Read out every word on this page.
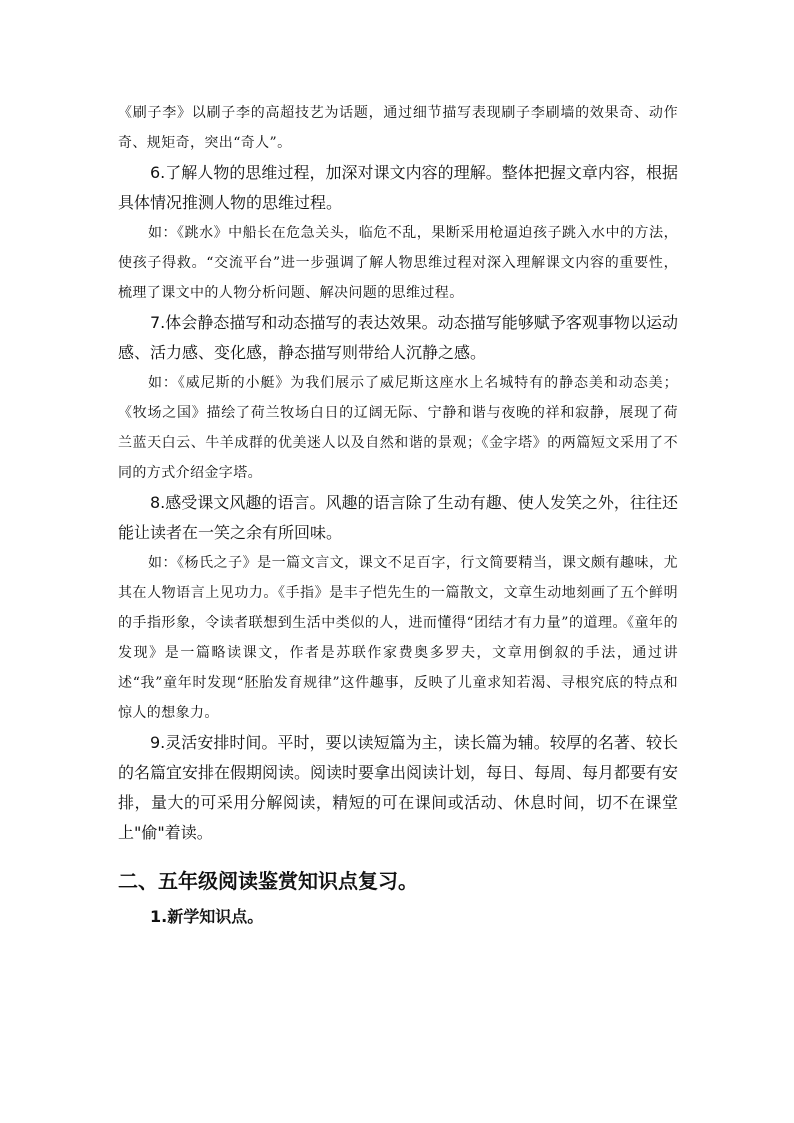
《刷子李》以刷子李的高超技艺为话题，通过细节描写表现刷子李刷墙的效果奇、动作奇、规矩奇，突出“奇人”。

6.了解人物的思维过程，加深对课文内容的理解。整体把握文章内容，根据具体情况推测人物的思维过程。

如：《跳水》中船长在危急关头，临危不乱，果断采用枪逼迫孩子跳入水中的方法，使孩子得救。“交流平台”进一步强调了解人物思维过程对深入理解课文内容的重要性，梳理了课文中的人物分析问题、解决问题的思维过程。

7.体会静态描写和动态描写的表达效果。动态描写能够赋予客观事物以运动感、活力感、变化感，静态描写则带给人沉静之感。

如：《威尼斯的小艇》为我们展示了威尼斯这座水上名城特有的静态美和动态美；《牧场之国》描绘了荷兰牧场白日的辽阔无际、宁静和谐与夜晚的祥和寂静，展现了荷兰蓝天白云、牛羊成群的优美迷人以及自然和谐的景观；《金字塔》的两篇短文采用了不同的方式介绍金字塔。

8.感受课文风趣的语言。风趣的语言除了生动有趣、使人发笑之外，往往还能让读者在一笑之余有所回味。

如：《杨氏之子》是一篇文言文，课文不足百字，行文简要精当，课文颇有趣味，尤其在人物语言上见功力。《手指》是丰子恺先生的一篇散文，文章生动地刻画了五个鲜明的手指形象，令读者联想到生活中类似的人，进而懂得“团结才有力量”的道理。《童年的发现》是一篇略读课文，作者是苏联作家费奥多罗夫，文章用倒叙的手法，通过讲述“我”童年时发现“胚胎发育规律”这件趣事，反映了儿童求知若渴、寻根究底的特点和惊人的想象力。

9.灵活安排时间。平时，要以读短篇为主，读长篇为辅。较厚的名著、较长的名篇宜安排在假期阅读。阅读时要拿出阅读计划，每日、每周、每月都要有安排，量大的可采用分解阅读，精短的可在课间或活动、休息时间，切不在课堂上"偷"着读。

二、五年级阅读鉴赏知识点复习。

1.新学知识点。
